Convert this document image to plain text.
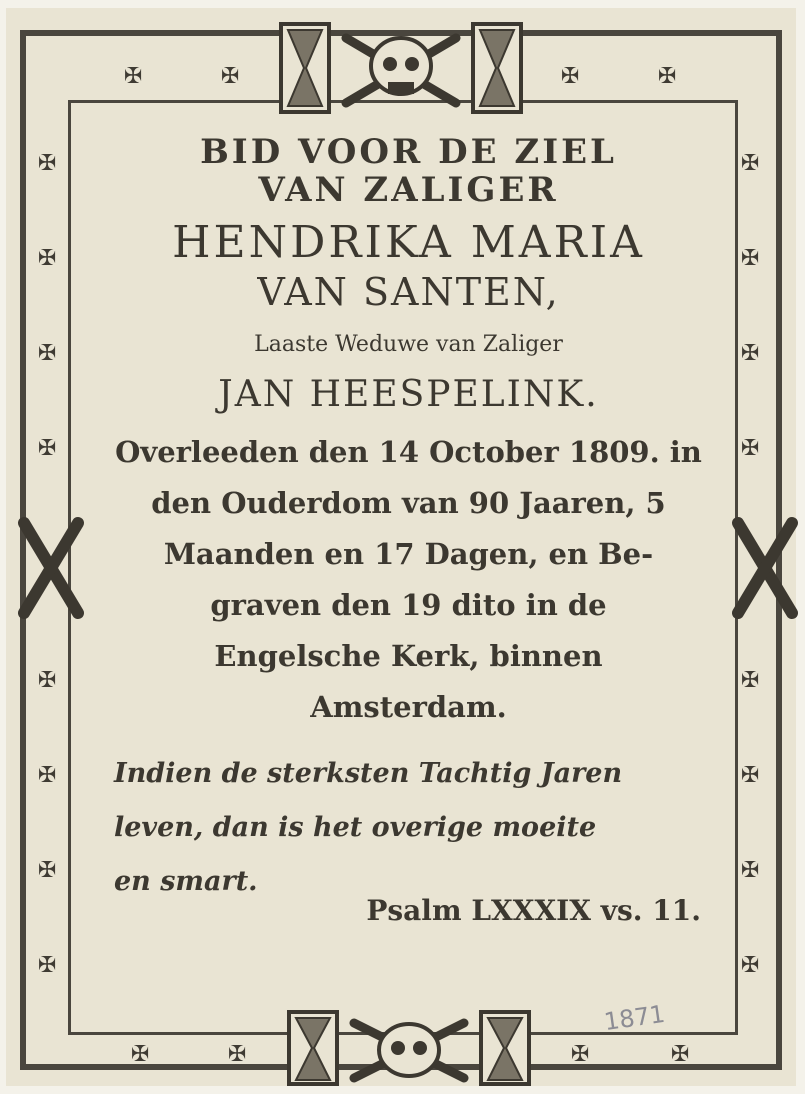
✠	✠	✠	✠
✠
✠
✠
✠
✠
✠
✠
✠
✠
✠
✠
✠
✠
✠
✠
✠
✠	✠	✠	✠
BID VOOR DE ZIEL
VAN ZALIGER
HENDRIKA MARIA
VAN SANTEN,
Laaste Weduwe van Zaliger
JAN HEESPELINK.
Overleeden den 14 October 1809. in
den Ouderdom van 90 Jaaren, 5
Maanden en 17 Dagen, en Be-
graven den 19 dito in de
Engelsche Kerk, binnen
Amsterdam.
Indien de sterksten Tachtig Jaren
leven, dan is het overige moeite
en smart.
Psalm LXXXIX vs. 11.
1871
